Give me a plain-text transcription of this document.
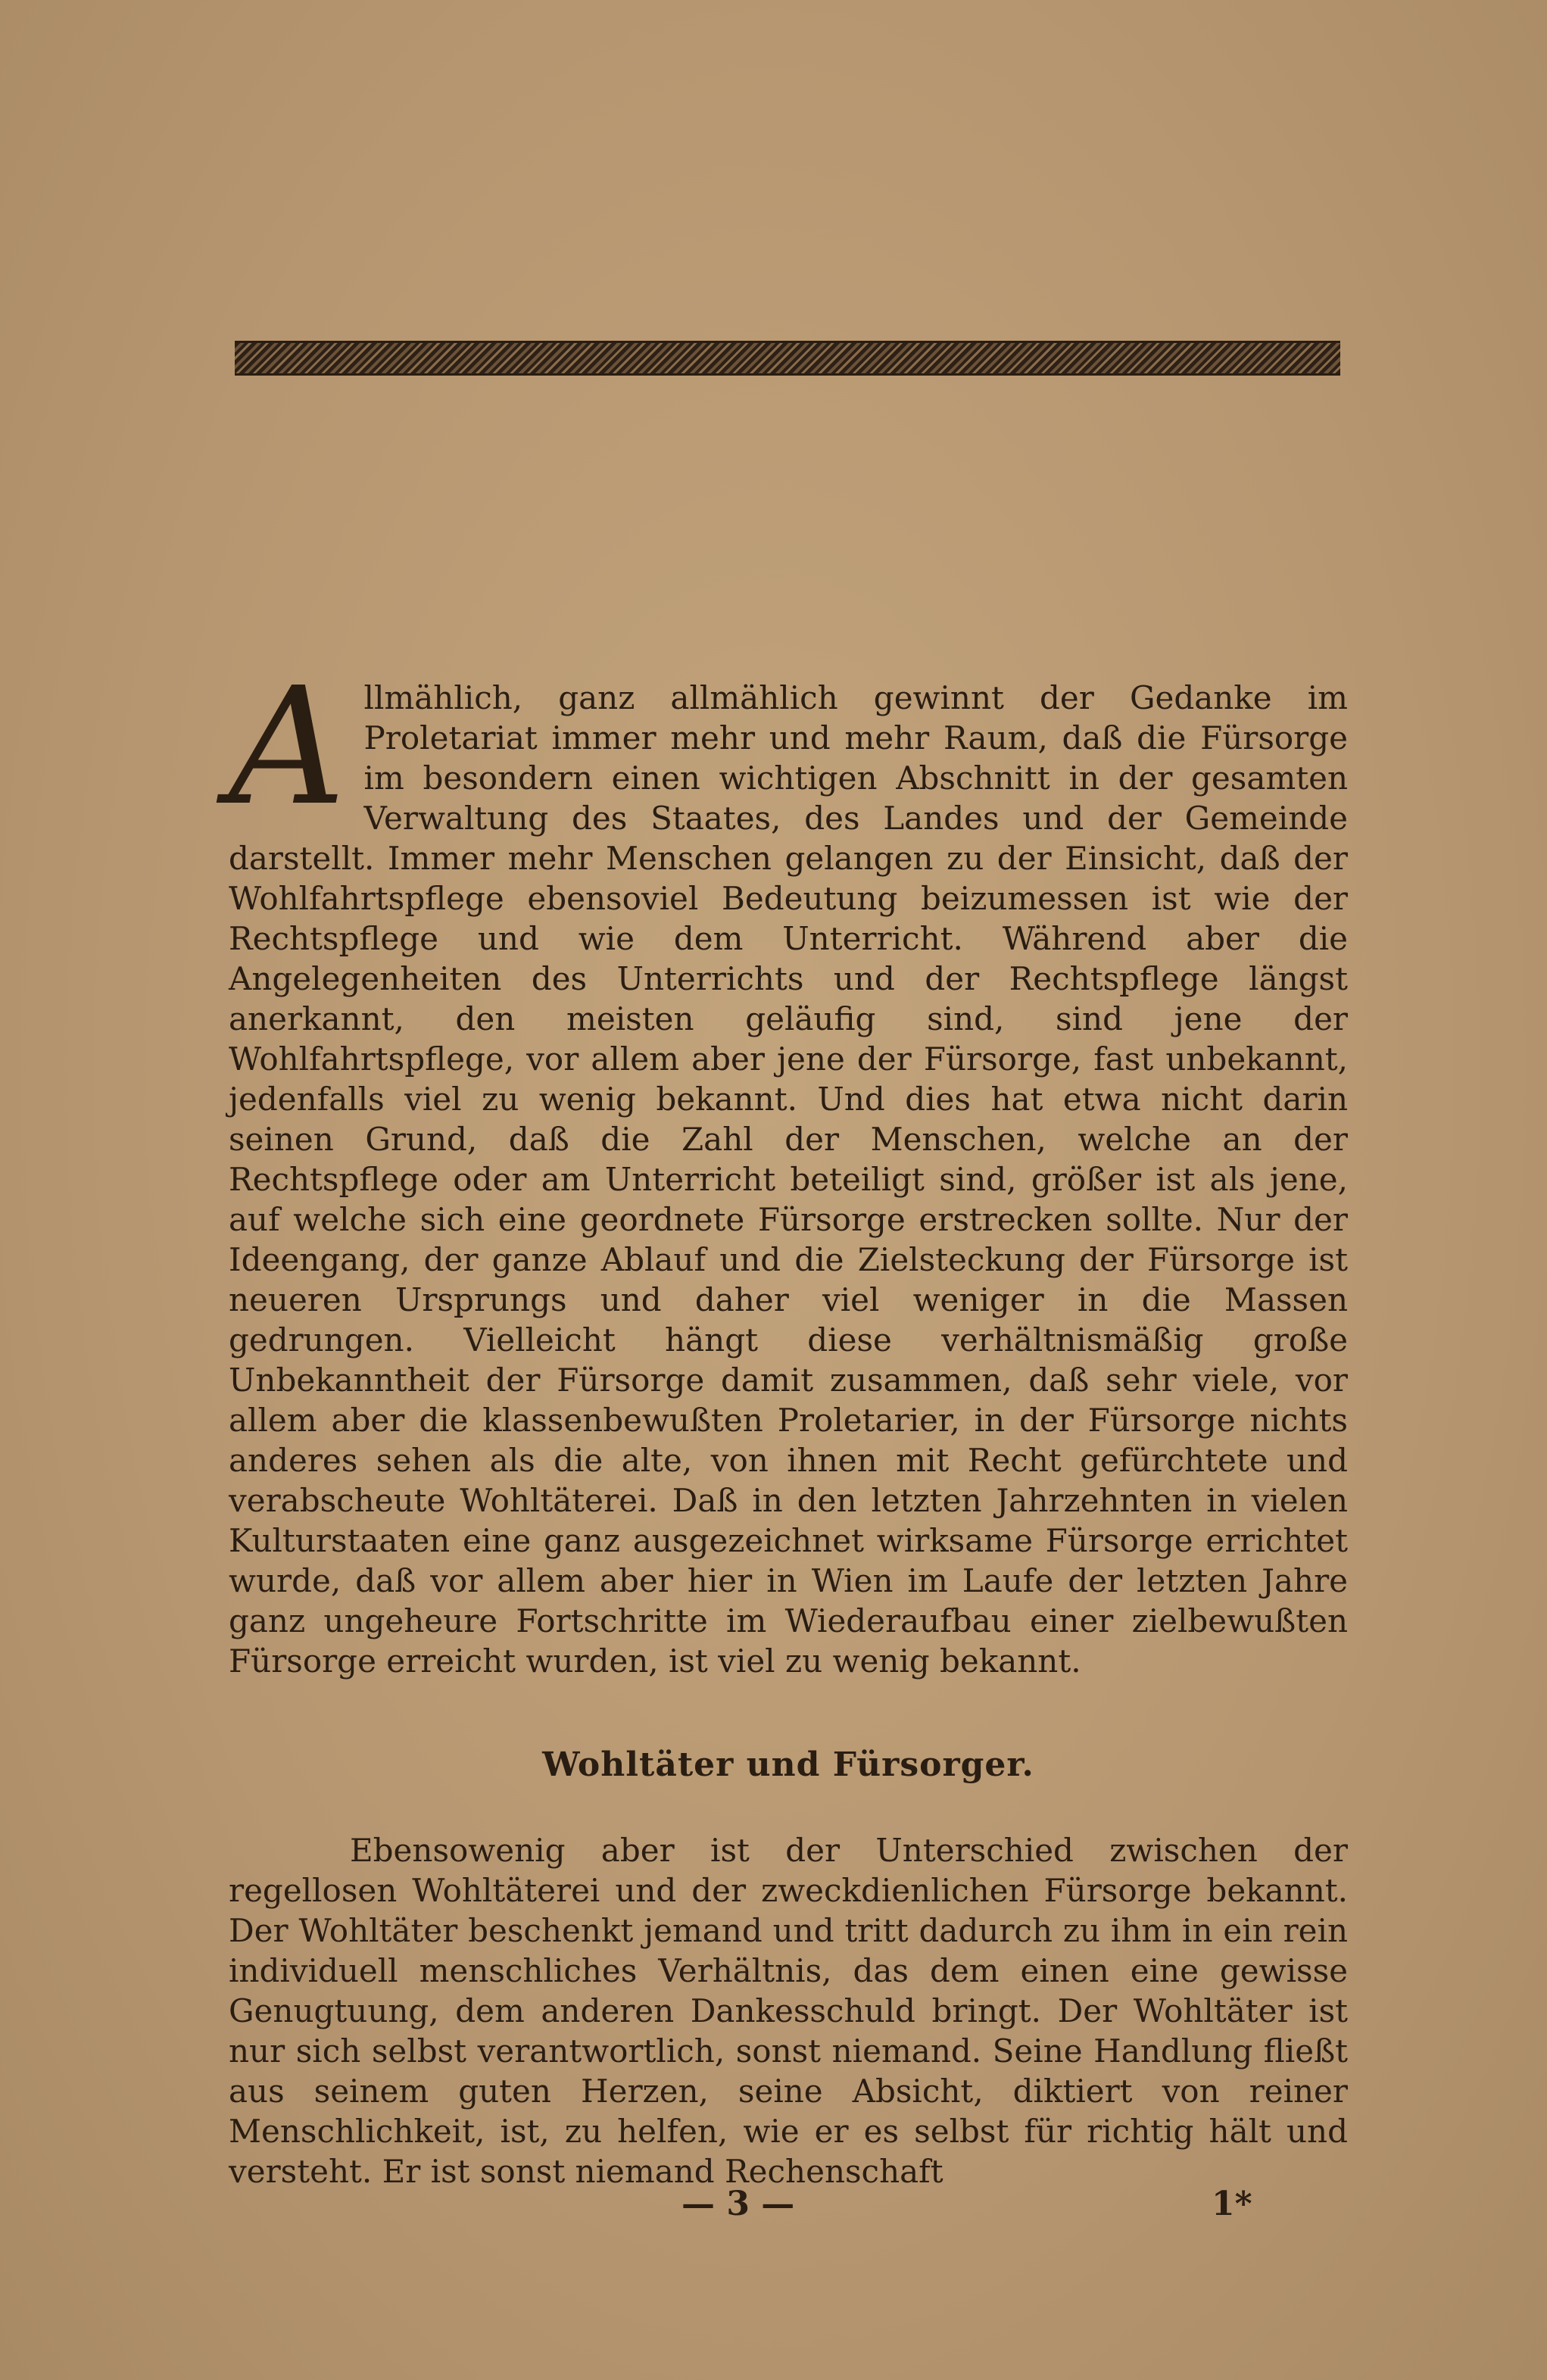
A llmählich, ganz allmählich gewinnt der Gedanke im Proletariat immer mehr und mehr Raum, daß die Fürsorge im besondern einen wichtigen Abschnitt in der gesamten Verwaltung des Staates, des Landes und der Gemeinde darstellt. Immer mehr Menschen gelangen zu der Einsicht, daß der Wohlfahrtspflege ebensoviel Bedeutung beizumessen ist wie der Rechtspflege und wie dem Unterricht. Während aber die Angelegenheiten des Unterrichts und der Rechtspflege längst anerkannt, den meisten geläufig sind, sind jene der Wohlfahrtspflege, vor allem aber jene der Fürsorge, fast unbekannt, jedenfalls viel zu wenig bekannt. Und dies hat etwa nicht darin seinen Grund, daß die Zahl der Menschen, welche an der Rechtspflege oder am Unterricht beteiligt sind, größer ist als jene, auf welche sich eine geordnete Fürsorge erstrecken sollte. Nur der Ideengang, der ganze Ablauf und die Zielsteckung der Fürsorge ist neueren Ursprungs und daher viel weniger in die Massen gedrungen. Vielleicht hängt diese verhältnismäßig große Unbekanntheit der Fürsorge damit zusammen, daß sehr viele, vor allem aber die klassenbewußten Proletarier, in der Fürsorge nichts anderes sehen als die alte, von ihnen mit Recht gefürchtete und verabscheute Wohltäterei. Daß in den letzten Jahrzehnten in vielen Kulturstaaten eine ganz ausgezeichnet wirksame Fürsorge errichtet wurde, daß vor allem aber hier in Wien im Laufe der letzten Jahre ganz ungeheure Fortschritte im Wiederaufbau einer zielbewußten Fürsorge erreicht wurden, ist viel zu wenig bekannt.

Wohltäter und Fürsorger.

Ebensowenig aber ist der Unterschied zwischen der regellosen Wohltäterei und der zweckdienlichen Fürsorge bekannt. Der Wohltäter beschenkt jemand und tritt dadurch zu ihm in ein rein individuell menschliches Verhältnis, das dem einen eine gewisse Genugtuung, dem anderen Dankesschuld bringt. Der Wohltäter ist nur sich selbst verantwortlich, sonst niemand. Seine Handlung fließt aus seinem guten Herzen, seine Absicht, diktiert von reiner Menschlichkeit, ist, zu helfen, wie er es selbst für richtig hält und versteht. Er ist sonst niemand Rechenschaft

— 3 —	1*
